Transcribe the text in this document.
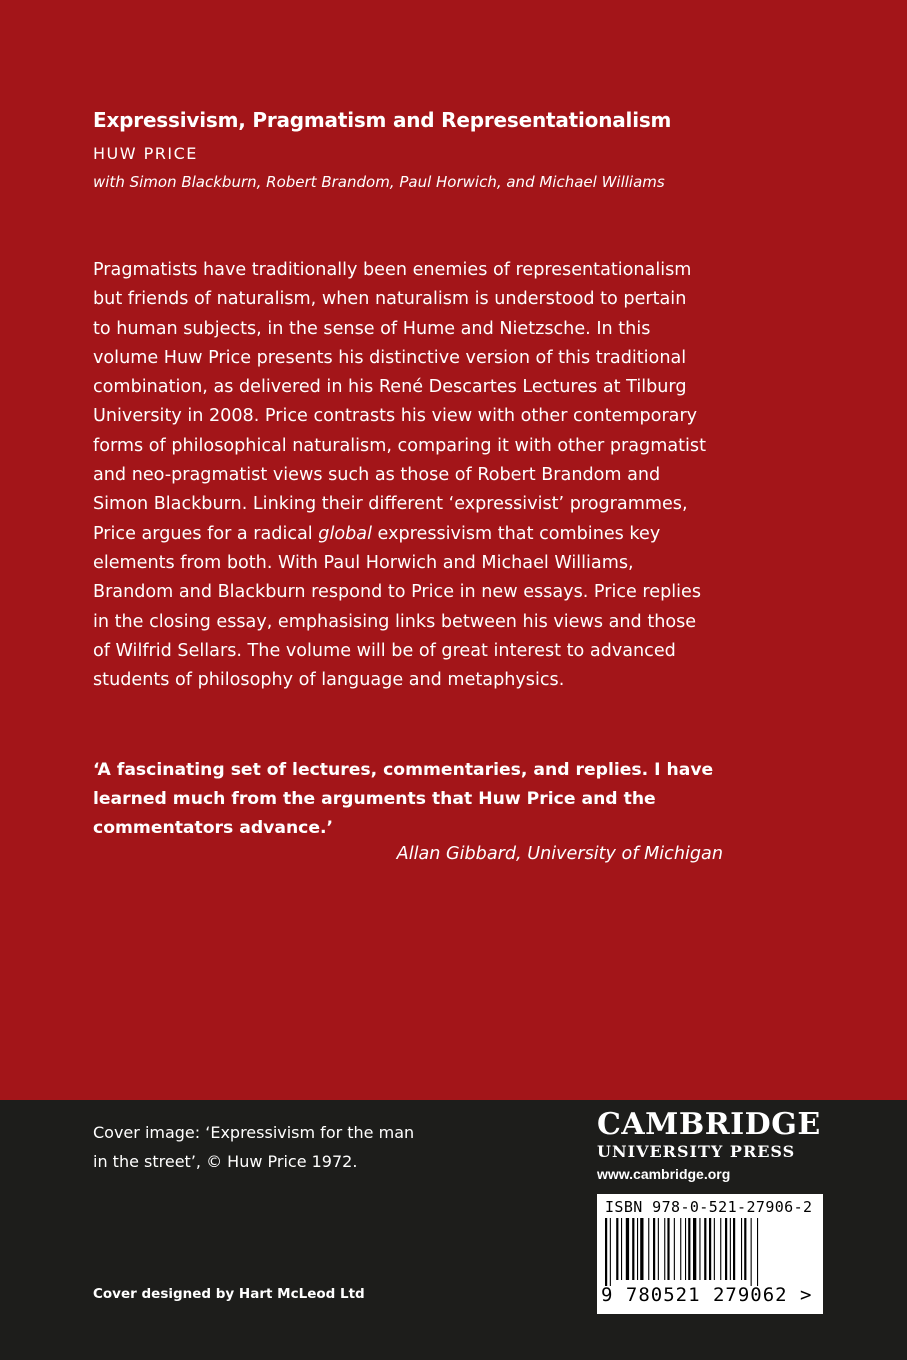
Expressivism, Pragmatism and Representationalism
HUW PRICE
with Simon Blackburn, Robert Brandom, Paul Horwich, and Michael Williams
Pragmatists have traditionally been enemies of representationalism
but friends of naturalism, when naturalism is understood to pertain
to human subjects, in the sense of Hume and Nietzsche. In this
volume Huw Price presents his distinctive version of this traditional
combination, as delivered in his René Descartes Lectures at Tilburg
University in 2008. Price contrasts his view with other contemporary
forms of philosophical naturalism, comparing it with other pragmatist
and neo-pragmatist views such as those of Robert Brandom and
Simon Blackburn. Linking their different ‘expressivist’ programmes,
Price argues for a radical global expressivism that combines key
elements from both. With Paul Horwich and Michael Williams,
Brandom and Blackburn respond to Price in new essays. Price replies
in the closing essay, emphasising links between his views and those
of Wilfrid Sellars. The volume will be of great interest to advanced
students of philosophy of language and metaphysics.
‘A fascinating set of lectures, commentaries, and replies. I have
learned much from the arguments that Huw Price and the
commentators advance.’
Allan Gibbard, University of Michigan
Cover image: ‘Expressivism for the man
in the street’, © Huw Price 1972.
Cover designed by Hart McLeod Ltd
CAMBRIDGE
UNIVERSITY PRESS
www.cambridge.org
ISBN 978-0-521-27906-2
9 780521 279062 >
